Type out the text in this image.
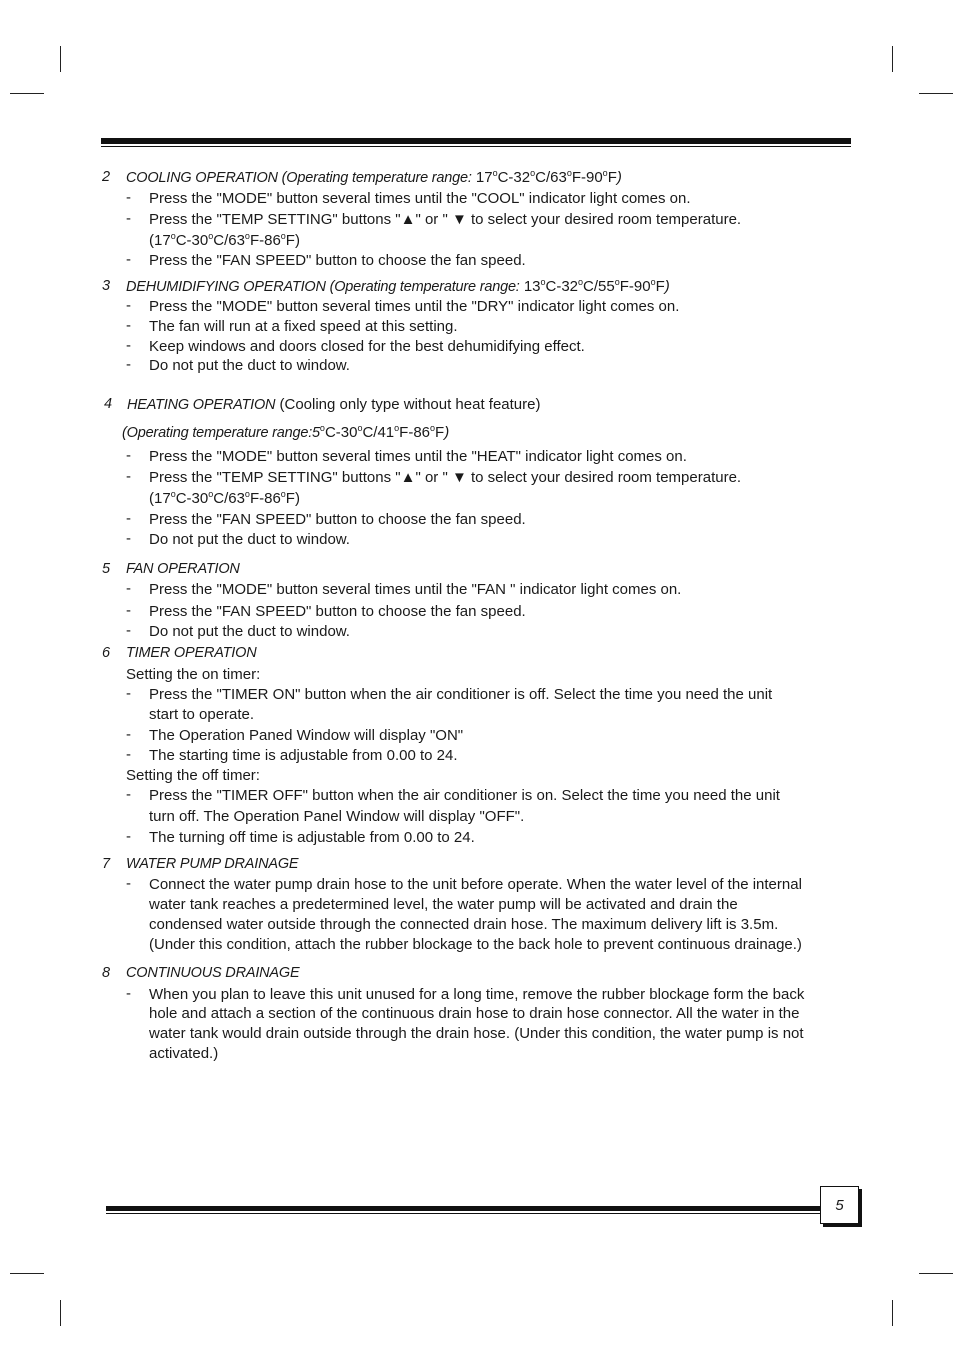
2 COOLING OPERATION (Operating temperature range: 17$^o$C-32$^o$C/63$^o$F-90$^o$F)
- Press the "MODE" button several times until the "COOL" indicator light comes on.
- Press the "TEMP SETTING" buttons "▲" or " ▼ to select your desired room temperature.
(17$^o$C-30$^o$C/63$^o$F-86$^o$F)
- Press the "FAN SPEED" button to choose the fan speed.
3 DEHUMIDIFYING OPERATION (Operating temperature range: 13$^o$C-32$^o$C/55$^o$F-90$^o$F)
- Press the "MODE" button several times until the "DRY" indicator light comes on.
- The fan will run at a fixed speed at this setting.
- Keep windows and doors closed for the best dehumidifying effect.
- Do not put the duct to window.
4 HEATING OPERATION (Cooling only type without heat feature)
(Operating temperature range:5$^o$C-30$^o$C/41$^o$F-86$^o$F)
- Press the "MODE" button several times until the "HEAT" indicator light comes on.
- Press the "TEMP SETTING" buttons "▲" or " ▼ to select your desired room temperature.
(17$^o$C-30$^o$C/63$^o$F-86$^o$F)
- Press the "FAN SPEED" button to choose the fan speed.
- Do not put the duct to window.
5 FAN OPERATION
- Press the "MODE" button several times until the "FAN " indicator light comes on.
- Press the "FAN SPEED" button to choose the fan speed.
- Do not put the duct to window.
6 TIMER OPERATION
Setting the on timer:
- Press the "TIMER ON" button when the air conditioner is off. Select the time you need the unit
start to operate.
- The Operation Paned Window will display "ON"
- The starting time is adjustable from 0.00 to 24.
Setting the off timer:
- Press the "TIMER OFF" button when the air conditioner is on. Select the time you need the unit
turn off. The Operation Panel Window will display "OFF".
- The turning off time is adjustable from 0.00 to 24.
7 WATER PUMP DRAINAGE
- Connect the water pump drain hose to the unit before operate. When the water level of the internal
water tank reaches a predetermined level, the water pump will be activated and drain the
condensed water outside through the connected drain hose. The maximum delivery lift is 3.5m.
(Under this condition, attach the rubber blockage to the back hole to prevent continuous drainage.)
8 CONTINUOUS DRAINAGE
- When you plan to leave this unit unused for a long time, remove the rubber blockage form the back
hole and attach a section of the continuous drain hose to drain hose connector. All the water in the
water tank would drain outside through the drain hose. (Under this condition, the water pump is not
activated.)
5
